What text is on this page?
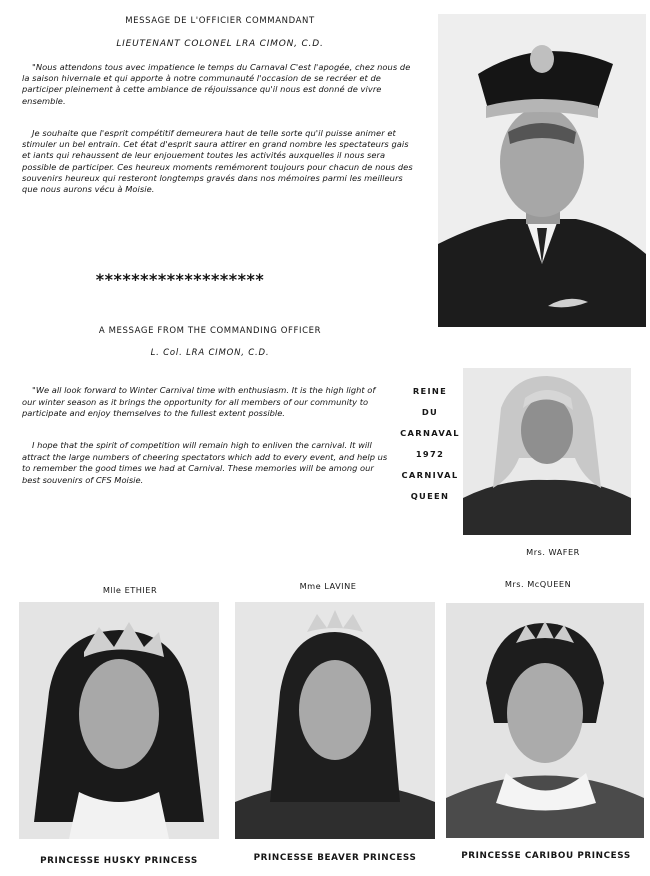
MESSAGE DE L'OFFICIER COMMANDANT
LIEUTENANT COLONEL LRA CIMON, C.D.
"Nous attendons tous avec impatience le temps du Carnaval C'est l'apogée, chez nous de la saison hivernale et qui apporte à notre communauté l'occasion de se recréer et de participer pleinement à cette ambiance de réjouissance qu'il nous est donné de vivre ensemble.
Je souhaite que l'esprit compétitif demeurera haut de telle sorte qu'il puisse animer et stimuler un bel entrain. Cet état d'esprit saura attirer en grand nombre les spectateurs gais et iants qui rehaussent de leur enjouement toutes les activités auxquelles il nous sera possible de participer. Ces heureux moments remémorent toujours pour chacun de nous des souvenirs heureux qui resteront longtemps gravés dans nos mémoires parmi les meilleurs que nous aurons vécu à Moisie.
*******************
A MESSAGE FROM THE COMMANDING OFFICER
L. Col. LRA CIMON, C.D.
"We all look forward to Winter Carnival time with enthusiasm. It is the high light of our winter season as it brings the opportunity for all members of our community to participate and enjoy themselves to the fullest extent possible.
I hope that the spirit of competition will remain high to enliven the carnival. It will attract the large numbers of cheering spectators which add to every event, and help us to remember the good times we had at Carnival. These memories will be among our best souvenirs of CFS Moisie.
REINE
DU
CARNAVAL
1972
CARNIVAL
QUEEN
Mrs. WAFER
Mlle ETHIER	Mme LAVINE	Mrs. McQUEEN
PRINCESSE HUSKY PRINCESS	PRINCESSE BEAVER PRINCESS	PRINCESSE CARIBOU PRINCESS
